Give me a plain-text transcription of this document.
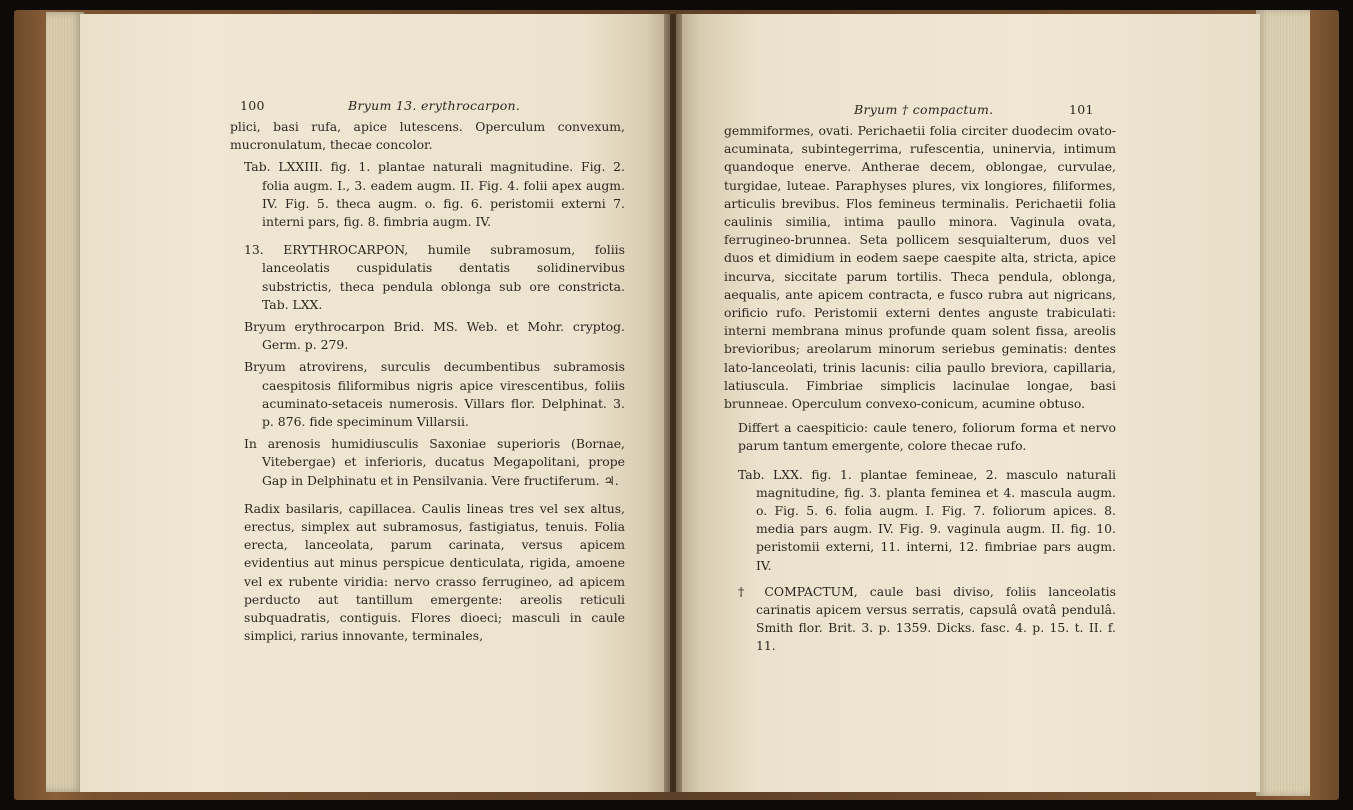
100	Bryum 13. erythrocarpon.

plici, basi rufa, apice lutescens. Operculum convexum, mucronulatum, thecae concolor.

Tab. LXXIII. fig. 1. plantae naturali magnitudine. Fig. 2. folia augm. I., 3. eadem augm. II. Fig. 4. folii apex augm. IV. Fig. 5. theca augm. o. fig. 6. peristomii externi 7. interni pars, fig. 8. fimbria augm. IV.

13. ERYTHROCARPON, humile subramosum, foliis lanceolatis cuspidulatis dentatis solidinervibus substrictis, theca pendula oblonga sub ore constricta. Tab. LXX.

Bryum erythrocarpon Brid. MS. Web. et Mohr. cryptog. Germ. p. 279.

Bryum atrovirens, surculis decumbentibus subramosis caespitosis filiformibus nigris apice virescentibus, foliis acuminato-setaceis numerosis. Villars flor. Delphinat. 3. p. 876. fide speciminum Villarsii.

In arenosis humidiusculis Saxoniae superioris (Bornae, Vitebergae) et inferioris, ducatus Megapolitani, prope Gap in Delphinatu et in Pensilvania. Vere fructiferum. ♃.

Radix basilaris, capillacea. Caulis lineas tres vel sex altus, erectus, simplex aut subramosus, fastigiatus, tenuis. Folia erecta, lanceolata, parum carinata, versus apicem evidentius aut minus perspicue denticulata, rigida, amoene vel ex rubente viridia: nervo crasso ferrugineo, ad apicem perducto aut tantillum emergente: areolis reticuli subquadratis, contiguis. Flores dioeci; masculi in caule simplici, rarius innovante, terminales,

Bryum † compactum.	101

gemmiformes, ovati. Perichaetii folia circiter duodecim ovato-acuminata, subintegerrima, rufescentia, uninervia, intimum quandoque enerve. Antherae decem, oblongae, curvulae, turgidae, luteae. Paraphyses plures, vix longiores, filiformes, articulis brevibus. Flos femineus terminalis. Perichaetii folia caulinis similia, intima paullo minora. Vaginula ovata, ferrugineo-brunnea. Seta pollicem sesquialterum, duos vel duos et dimidium in eodem saepe caespite alta, stricta, apice incurva, siccitate parum tortilis. Theca pendula, oblonga, aequalis, ante apicem contracta, e fusco rubra aut nigricans, orificio rufo. Peristomii externi dentes anguste trabiculati: interni membrana minus profunde quam solent fissa, areolis brevioribus; areolarum minorum seriebus geminatis: dentes lato-lanceolati, trinis lacunis: cilia paullo breviora, capillaria, latiuscula. Fimbriae simplicis lacinulae longae, basi brunneae. Operculum convexo-conicum, acumine obtuso.

Differt a caespiticio: caule tenero, foliorum forma et nervo parum tantum emergente, colore thecae rufo.

Tab. LXX. fig. 1. plantae femineae, 2. masculo naturali magnitudine, fig. 3. planta feminea et 4. mascula augm. o. Fig. 5. 6. folia augm. I. Fig. 7. foliorum apices. 8. media pars augm. IV. Fig. 9. vaginula augm. II. fig. 10. peristomii externi, 11. interni, 12. fimbriae pars augm. IV.

† COMPACTUM, caule basi diviso, foliis lanceolatis carinatis apicem versus serratis, capsulâ ovatâ pendulâ. Smith flor. Brit. 3. p. 1359. Dicks. fasc. 4. p. 15. t. II. f. 11.
